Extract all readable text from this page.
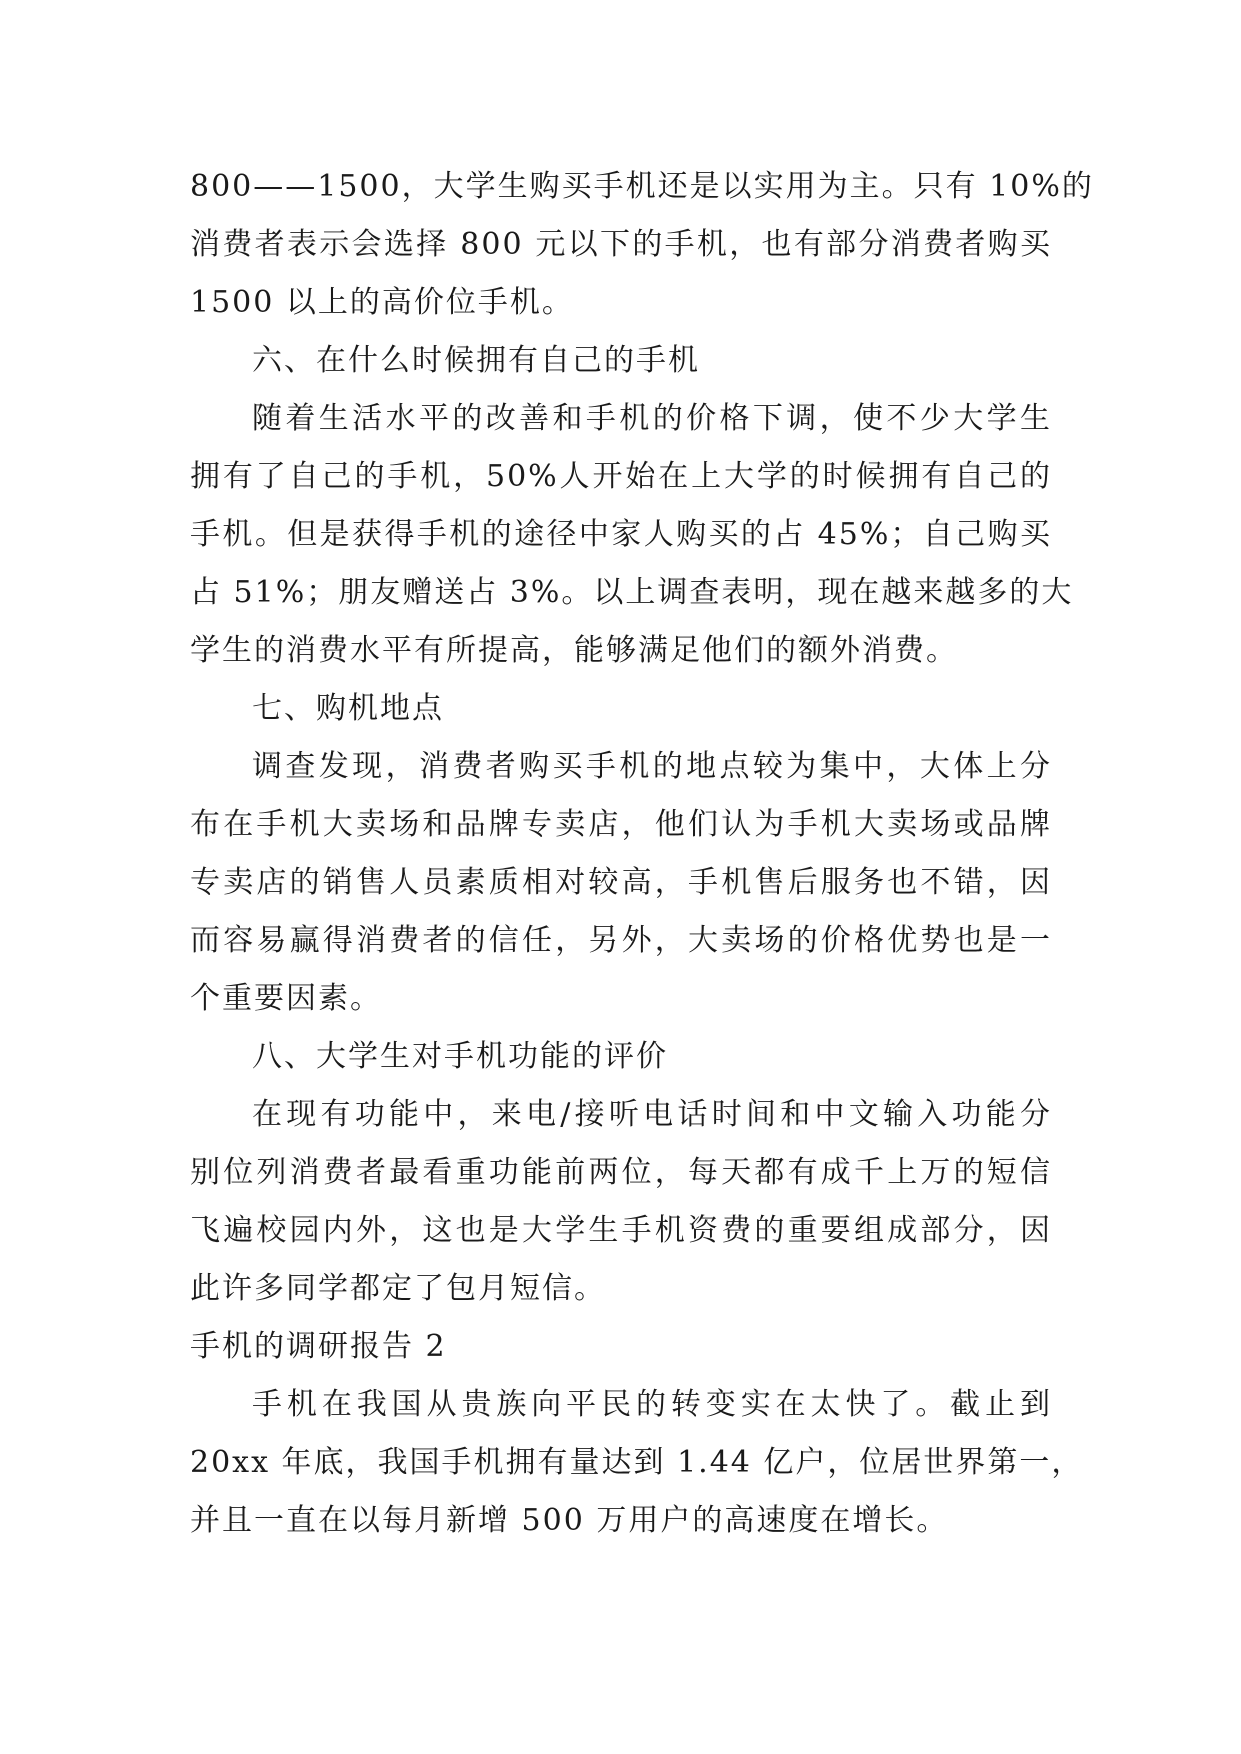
800——1500，大学生购买手机还是以实用为主。只有 10%的
消费者表示会选择 800 元以下的手机，也有部分消费者购买
1500 以上的高价位手机。
六、在什么时候拥有自己的手机
随着生活水平的改善和手机的价格下调，使不少大学生
拥有了自己的手机，50%人开始在上大学的时候拥有自己的
手机。但是获得手机的途径中家人购买的占 45%；自己购买
占 51%；朋友赠送占 3%。以上调查表明，现在越来越多的大
学生的消费水平有所提高，能够满足他们的额外消费。
七、购机地点
调查发现，消费者购买手机的地点较为集中，大体上分
布在手机大卖场和品牌专卖店，他们认为手机大卖场或品牌
专卖店的销售人员素质相对较高，手机售后服务也不错，因
而容易赢得消费者的信任，另外，大卖场的价格优势也是一
个重要因素。
八、大学生对手机功能的评价
在现有功能中，来电/接听电话时间和中文输入功能分
别位列消费者最看重功能前两位，每天都有成千上万的短信
飞遍校园内外，这也是大学生手机资费的重要组成部分，因
此许多同学都定了包月短信。
手机的调研报告 2
手机在我国从贵族向平民的转变实在太快了。截止到
20xx 年底，我国手机拥有量达到 1.44 亿户，位居世界第一，
并且一直在以每月新增 500 万用户的高速度在增长。
